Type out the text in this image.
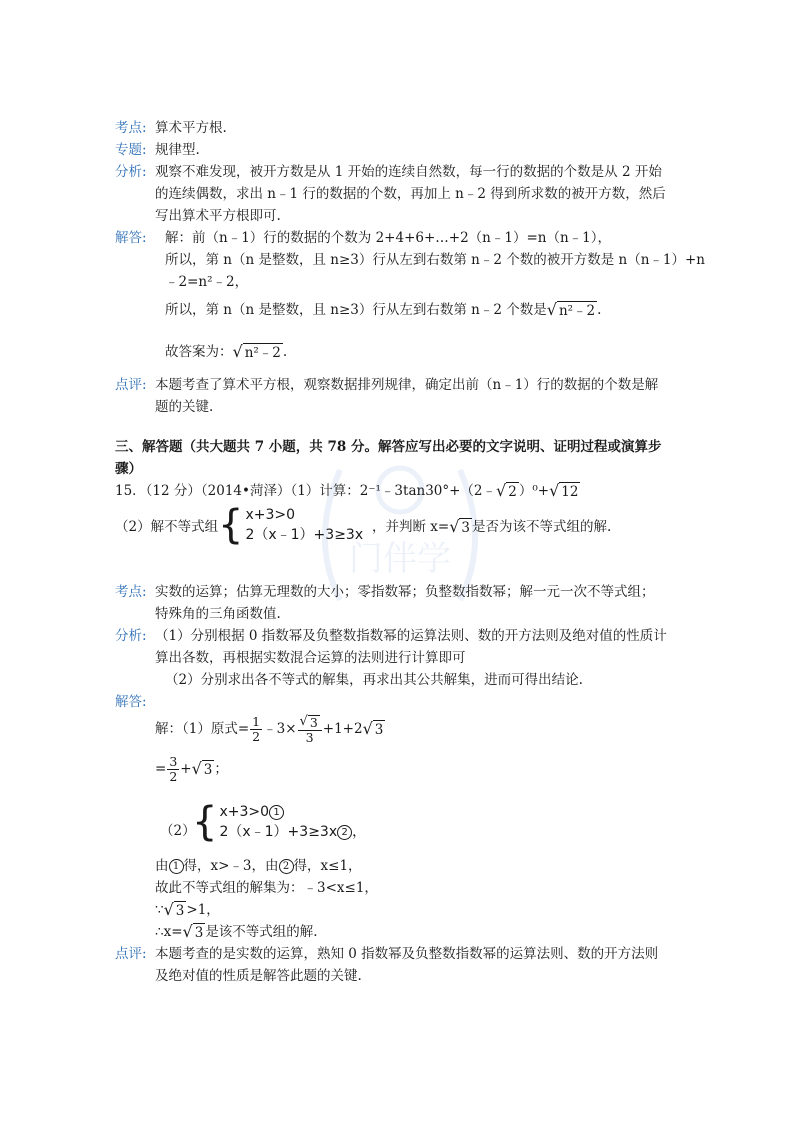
门伴学
考点: 算术平方根.
专题: 规律型.
分析: 观察不难发现，被开方数是从 1 开始的连续自然数，每一行的数据的个数是从 2 开始
的连续偶数，求出 n﹣1 行的数据的个数，再加上 n﹣2 得到所求数的被开方数，然后
写出算术平方根即可.
解答:	解：前（n﹣1）行的数据的个数为 2+4+6+…+2（n﹣1）=n（n﹣1），
所以，第 n（n 是整数，且 n≥3）行从左到右数第 n﹣2 个数的被开方数是 n（n﹣1）+n
﹣2=n²﹣2，
所以，第 n（n 是整数，且 n≥3）行从左到右数第 n﹣2 个数是 √ n²﹣2 .
故答案为： √ n²﹣2 .
点评: 本题考查了算术平方根，观察数据排列规律，确定出前（n﹣1）行的数据的个数是解
题的关键.
三、解答题（共大题共 7 小题，共 78 分。解答应写出必要的文字说明、证明过程或演算步
骤）
15．（12 分）（2014•菏泽）（1）计算：2⁻¹﹣3tan30°+（2﹣ √ 2 ）⁰+ √ 12
（2）解不等式组 { x+3>0
2（x﹣1）+3≥3x ，并判断 x= √ 3 是否为该不等式组的解.
考点: 实数的运算；估算无理数的大小；零指数幂；负整数指数幂；解一元一次不等式组；
特殊角的三角函数值.
分析: （1）分别根据 0 指数幂及负整数指数幂的运算法则、数的开方法则及绝对值的性质计
算出各数，再根据实数混合运算的法则进行计算即可
（2）分别求出各不等式的解集，再求出其公共解集，进而可得出结论.
解答:
解：（1）原式= $\frac{1}{2}$ ﹣3× $\frac{√ 3}{3} +1+2$ √ 3
= $\frac{3}{2}$ + √ 3 ；
（2）
{ x+3>0 1
2（x﹣1）+3≥3x 2 ，
由 1 得，x>﹣3，由 2 得，x≤1，
故此不等式组的解集为：﹣3<x≤1，
∵ √ 3 >1，
∴x= √ 3 是该不等式组的解.
点评: 本题考查的是实数的运算，熟知 0 指数幂及负整数指数幂的运算法则、数的开方法则
及绝对值的性质是解答此题的关键.
